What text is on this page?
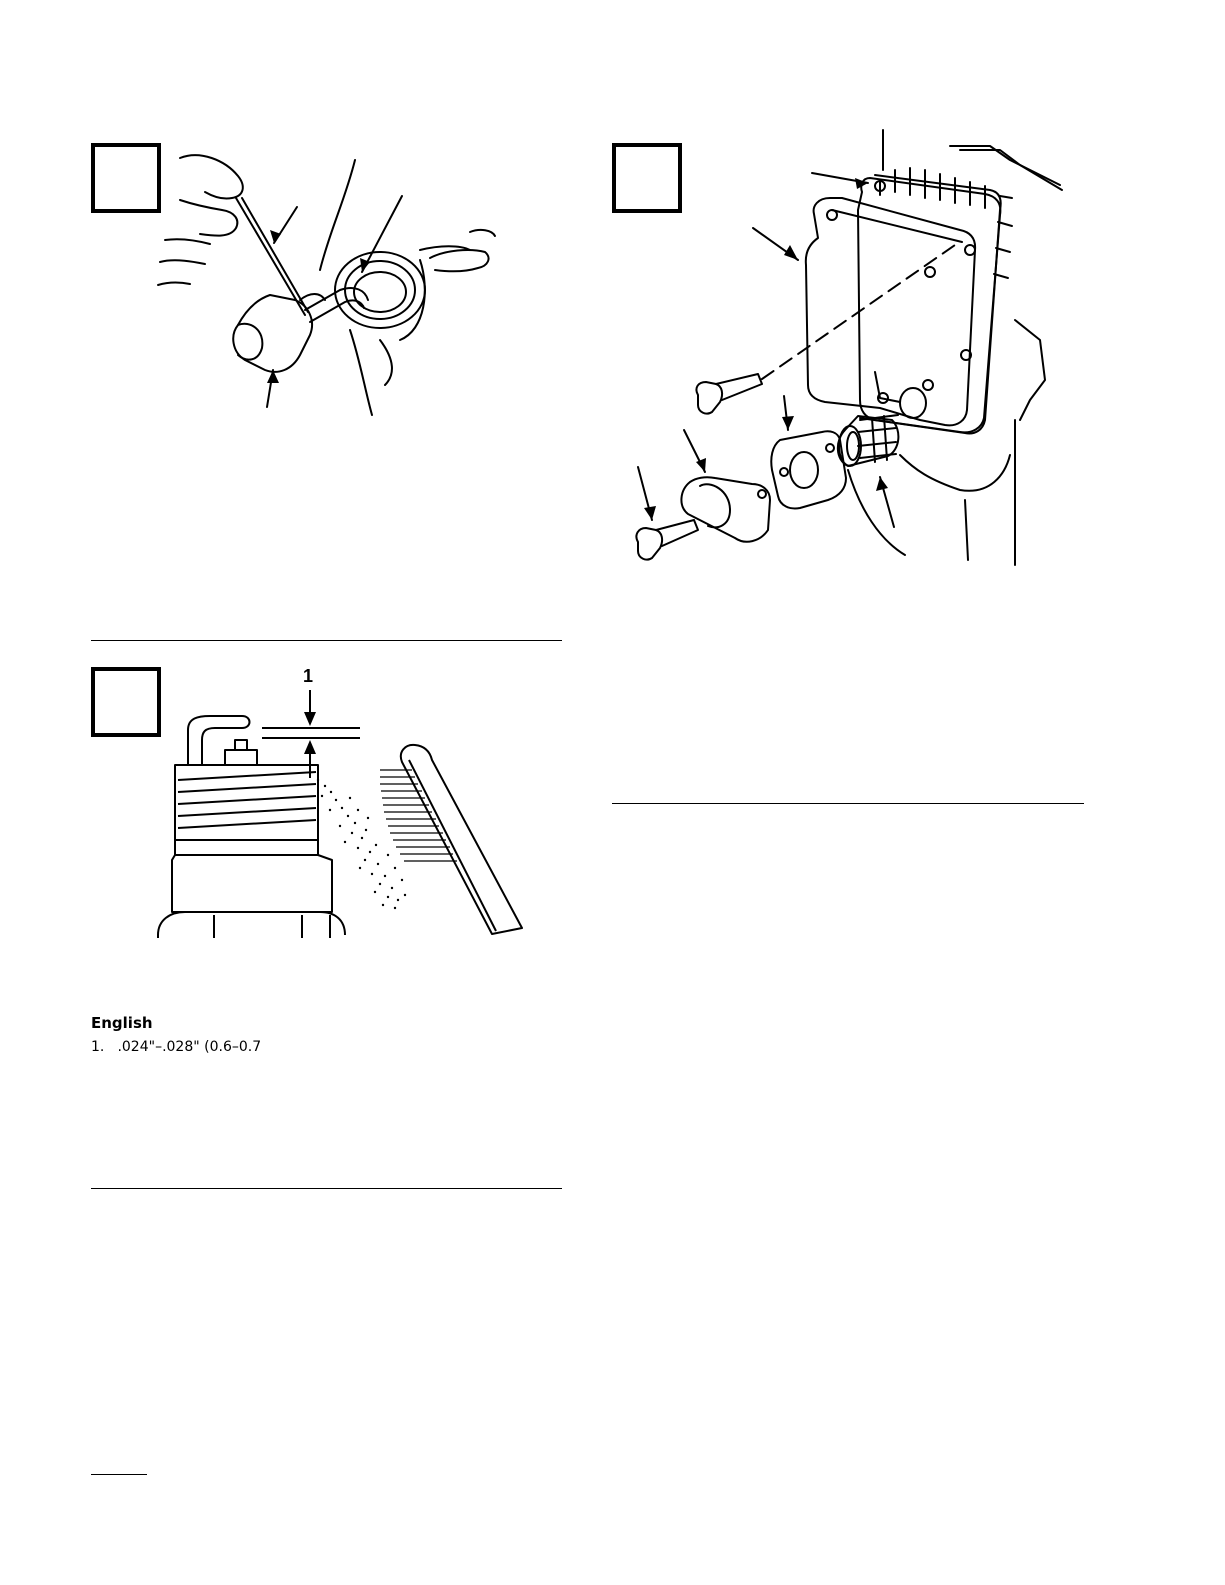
1
English
1. .024"–.028" (0.6–0.7
